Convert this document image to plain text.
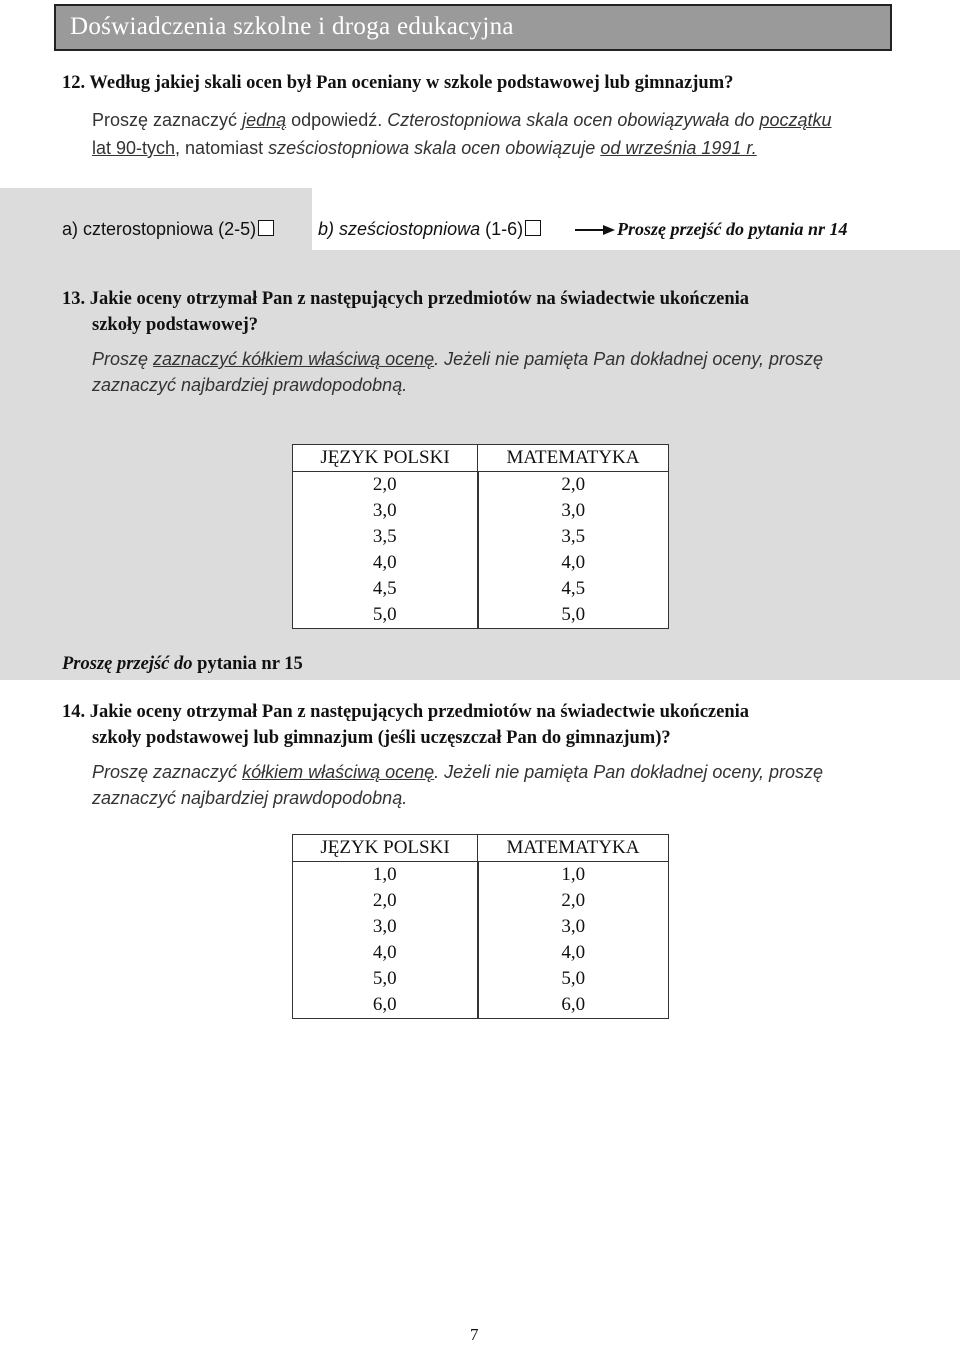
Doświadczenia szkolne i droga edukacyjna
12. Według jakiej skali ocen był Pan oceniany w szkole podstawowej lub gimnazjum?
Proszę zaznaczyć jedną odpowiedź. Czterostopniowa skala ocen obowiązywała do początku
lat 90-tych, natomiast sześciostopniowa skala ocen obowiązuje od września 1991 r.
a) czterostopniowa (2-5)	b) sześciostopniowa (1-6)	Proszę przejść do pytania nr 14
13. Jakie oceny otrzymał Pan z następujących przedmiotów na świadectwie ukończenia
szkoły podstawowej?
Proszę zaznaczyć kółkiem właściwą ocenę. Jeżeli nie pamięta Pan dokładnej oceny, proszę
zaznaczyć najbardziej prawdopodobną.
JĘZYK POLSKI	MATEMATYKA
2,0	2,0
3,0	3,0
3,5	3,5
4,0	4,0
4,5	4,5
5,0	5,0
Proszę przejść do pytania nr 15
14. Jakie oceny otrzymał Pan z następujących przedmiotów na świadectwie ukończenia
szkoły podstawowej lub gimnazjum (jeśli uczęszczał Pan do gimnazjum)?
Proszę zaznaczyć kółkiem właściwą ocenę. Jeżeli nie pamięta Pan dokładnej oceny, proszę
zaznaczyć najbardziej prawdopodobną.
JĘZYK POLSKI	MATEMATYKA
1,0	1,0
2,0	2,0
3,0	3,0
4,0	4,0
5,0	5,0
6,0	6,0
7
